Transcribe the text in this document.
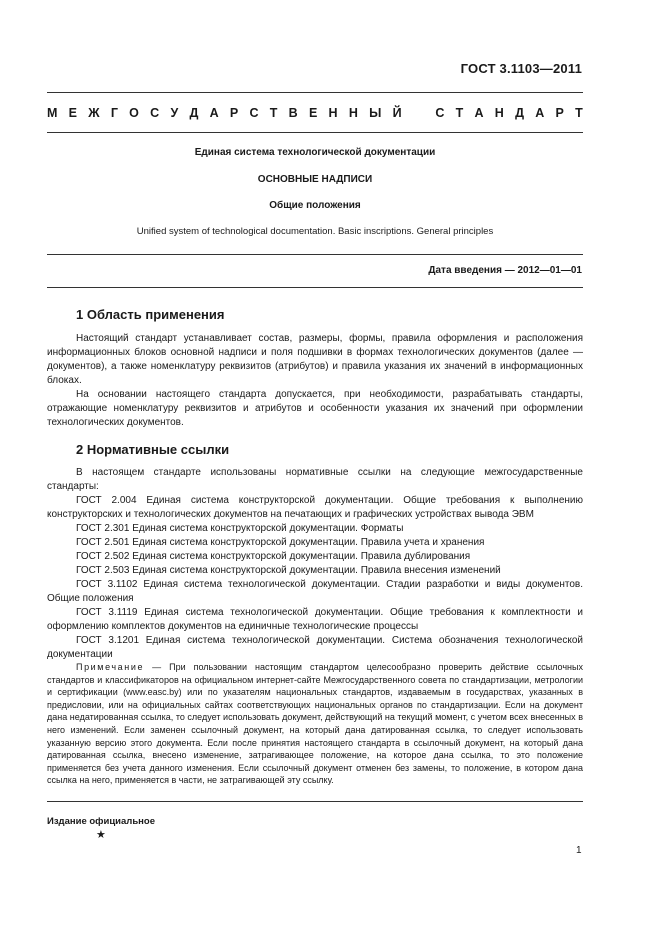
ГОСТ 3.1103—2011
М Е Ж Г О С У Д А Р С Т В Е Н Н Ы Й	С Т А Н Д А Р Т
Единая система технологической документации
ОСНОВНЫЕ НАДПИСИ
Общие положения
Unified system of technological documentation. Basic inscriptions. General principles
Дата введения — 2012—01—01
1 Область применения

Настоящий стандарт устанавливает состав, размеры, формы, правила оформления и расположения информационных блоков основной надписи и поля подшивки в формах технологических документов (далее — документов), а также номенклатуру реквизитов (атрибутов) и правила указания их значений в информационных блоках.

На основании настоящего стандарта допускается, при необходимости, разрабатывать стандарты, отражающие номенклатуру реквизитов и атрибутов и особенности указания их значений при оформлении технологических документов.

2 Нормативные ссылки

В настоящем стандарте использованы нормативные ссылки на следующие межгосударственные стандарты:

ГОСТ 2.004 Единая система конструкторской документации. Общие требования к выполнению конструкторских и технологических документов на печатающих и графических устройствах вывода ЭВМ

ГОСТ 2.301 Единая система конструкторской документации. Форматы

ГОСТ 2.501 Единая система конструкторской документации. Правила учета и хранения

ГОСТ 2.502 Единая система конструкторской документации. Правила дублирования

ГОСТ 2.503 Единая система конструкторской документации. Правила внесения изменений

ГОСТ 3.1102 Единая система технологической документации. Стадии разработки и виды документов. Общие положения

ГОСТ 3.1119 Единая система технологической документации. Общие требования к комплектности и оформлению комплектов документов на единичные технологические процессы

ГОСТ 3.1201 Единая система технологической документации. Система обозначения технологической документации

Примечание — При пользовании настоящим стандартом целесообразно проверить действие ссылочных стандартов и классификаторов на официальном интернет-сайте Межгосударственного совета по стандартизации, метрологии и сертификации (www.easc.by) или по указателям национальных стандартов, издаваемым в государствах, указанных в предисловии, или на официальных сайтах соответствующих национальных органов по стандартизации. Если на документ дана недатированная ссылка, то следует использовать документ, действующий на текущий момент, с учетом всех внесенных в него изменений. Если заменен ссылочный документ, на который дана датированная ссылка, то следует использовать указанную версию этого документа. Если после принятия настоящего стандарта в ссылочный документ, на который дана датированная ссылка, внесено изменение, затрагивающее положение, на которое дана ссылка, то это положение применяется без учета данного изменения. Если ссылочный документ отменен без замены, то положение, в котором дана ссылка на него, применяется в части, не затрагивающей эту ссылку.

Издание официальное
★
1
